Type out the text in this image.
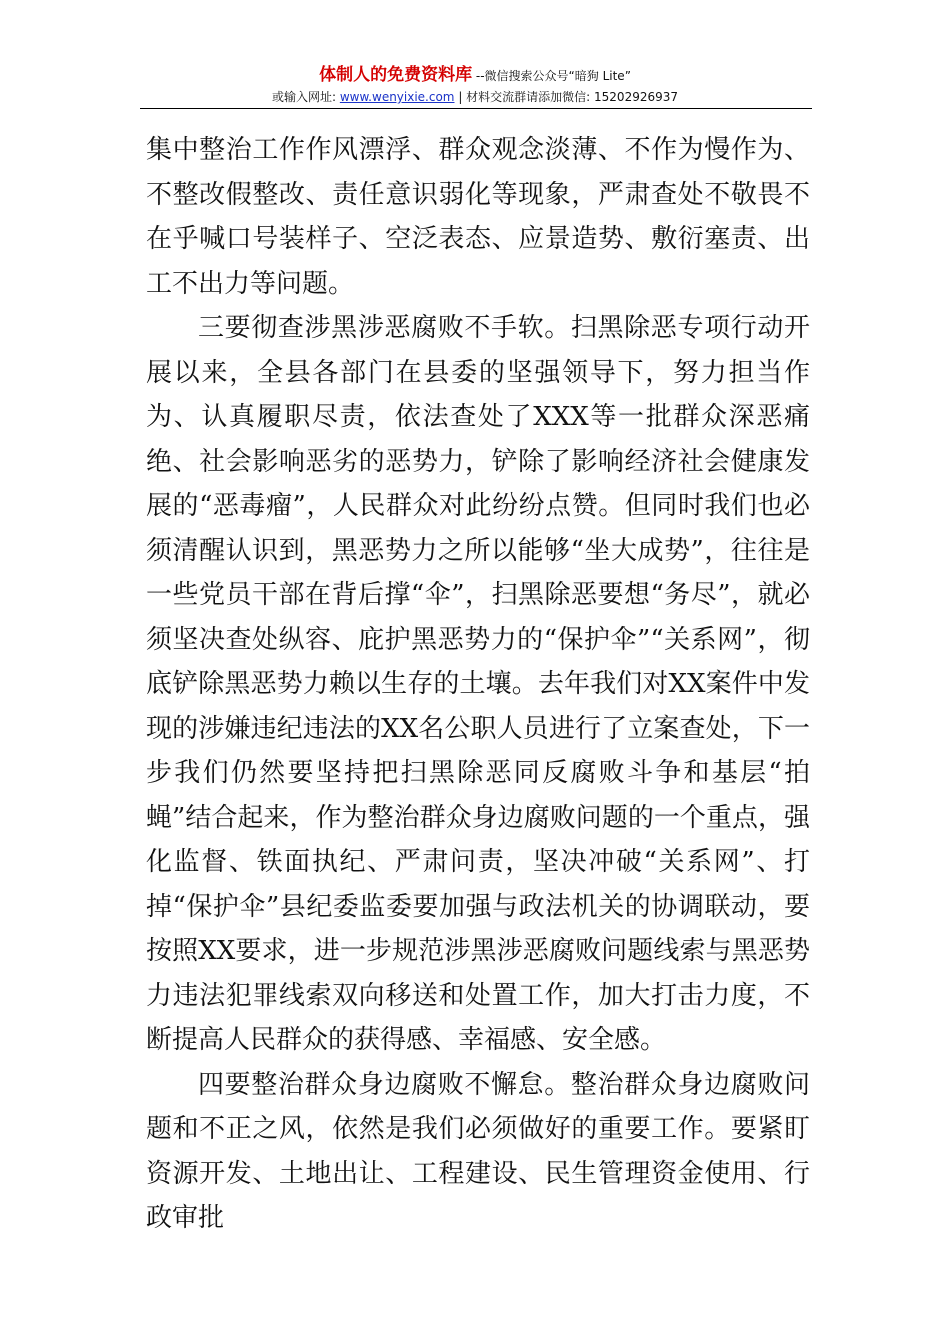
体制人的免费资料库 --微信搜索公众号“暗狗 Lite”
或输入网址: www.wenyixie.com | 材料交流群请添加微信: 15202926937

集中整治工作作风漂浮、群众观念淡薄、不作为慢作为、不整改假整改、责任意识弱化等现象，严肃查处不敬畏不在乎喊口号装样子、空泛表态、应景造势、敷衍塞责、出工不出力等问题。

三要彻查涉黑涉恶腐败不手软。扫黑除恶专项行动开展以来，全县各部门在县委的坚强领导下，努力担当作为、认真履职尽责，依法查处了XXX等一批群众深恶痛绝、社会影响恶劣的恶势力，铲除了影响经济社会健康发展的“恶毒瘤”，人民群众对此纷纷点赞。但同时我们也必须清醒认识到，黑恶势力之所以能够“坐大成势”，往往是一些党员干部在背后撑“伞”，扫黑除恶要想“务尽”，就必须坚决查处纵容、庇护黑恶势力的“保护伞”“关系网”，彻底铲除黑恶势力赖以生存的土壤。去年我们对XX案件中发现的涉嫌违纪违法的XX名公职人员进行了立案查处，下一步我们仍然要坚持把扫黑除恶同反腐败斗争和基层“拍蝇”结合起来，作为整治群众身边腐败问题的一个重点，强化监督、铁面执纪、严肃问责，坚决冲破“关系网”、打掉“保护伞”县纪委监委要加强与政法机关的协调联动，要按照XX要求，进一步规范涉黑涉恶腐败问题线索与黑恶势力违法犯罪线索双向移送和处置工作，加大打击力度，不断提高人民群众的获得感、幸福感、安全感。

四要整治群众身边腐败不懈怠。整治群众身边腐败问题和不正之风，依然是我们必须做好的重要工作。要紧盯资源开发、土地出让、工程建设、民生管理资金使用、行政审批
